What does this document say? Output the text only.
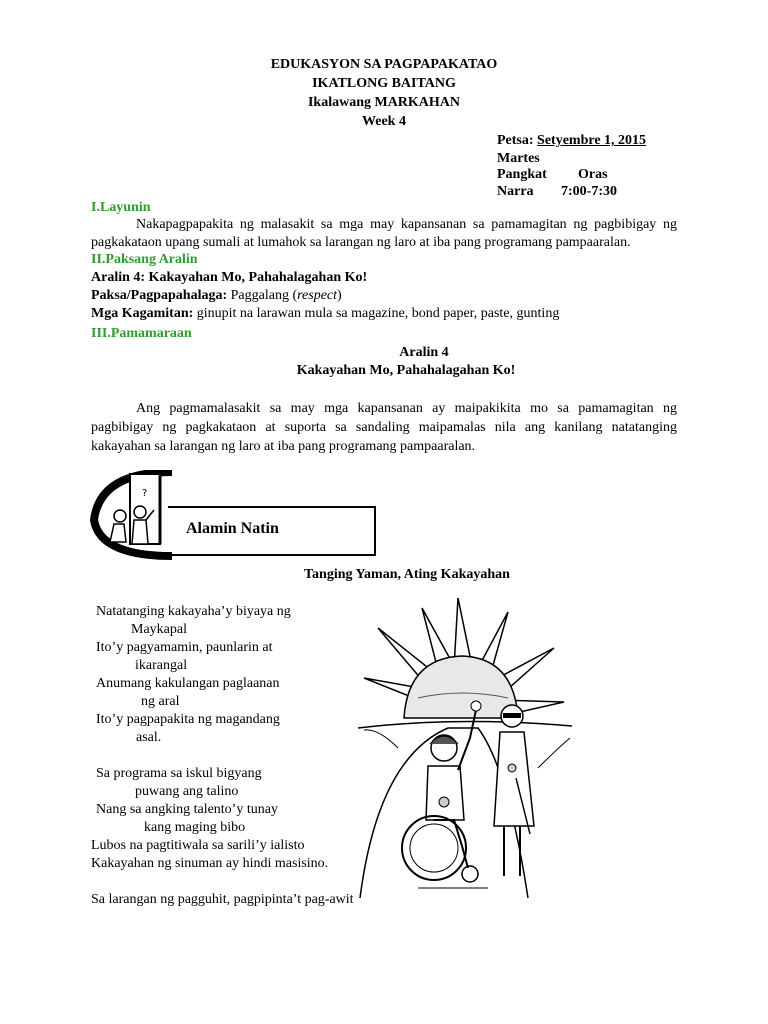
EDUKASYON SA PAGPAPAKATAO
IKATLONG BAITANG
Ikalawang MARKAHAN
Week 4
Petsa: Setyembre 1, 2015
Martes
Pangkat Oras
Narra 7:00-7:30
I.Layunin
Nakapagpapakita ng malasakit sa mga may kapansanan sa pamamagitan ng pagbibigay ng pagkakataon upang sumali at lumahok sa larangan ng laro at iba pang programang pampaaralan.
II.Paksang Aralin
Aralin 4: Kakayahan Mo, Pahahalagahan Ko!
Paksa/Pagpapahalaga: Paggalang (respect)
Mga Kagamitan: ginupit na larawan mula sa magazine, bond paper, paste, gunting
III.Pamamaraan
Aralin 4
Kakayahan Mo, Pahahalagahan Ko!
Ang pagmamalasakit sa may mga kapansanan ay maipakikita mo sa pamamagitan ng pagbibigay ng pagkakataon at suporta sa sandaling maipamalas nila ang kanilang natatanging kakayahan sa larangan ng laro at iba pang programang pampaaralan.
?
Alamin Natin
Tanging Yaman, Ating Kakayahan
Natatanging kakayaha’y biyaya ng
Maykapal
Ito’y pagyamamin, paunlarin at
ikarangal
Anumang kakulangan paglaanan
ng aral
Ito’y pagpapakita ng magandang
asal.
Sa programa sa iskul bigyang
puwang ang talino
Nang sa angking talento’y tunay
kang maging bibo
Lubos na pagtitiwala sa sarili’y ialisto
Kakayahan ng sinuman ay hindi masisino.
Sa larangan ng pagguhit, pagpipinta’t pag-awit
